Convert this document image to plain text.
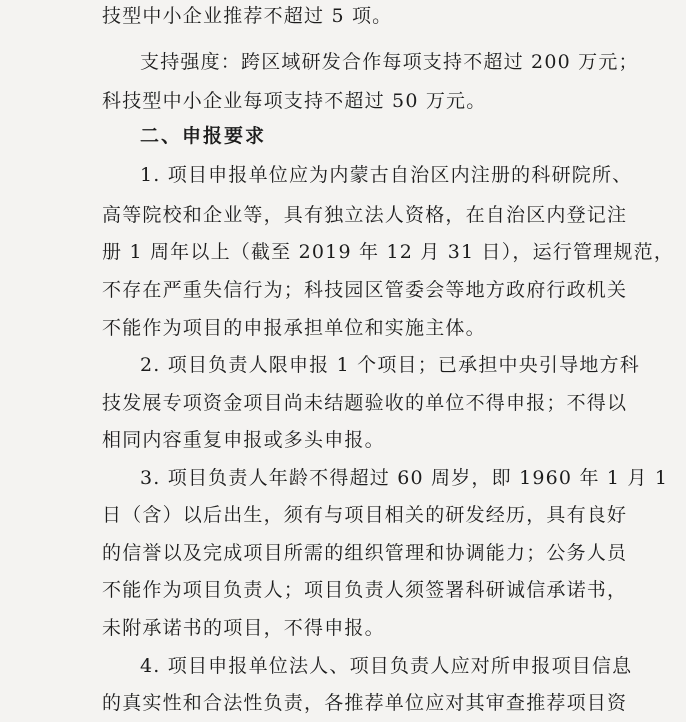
技型中小企业推荐不超过 5 项。
支持强度：跨区域研发合作每项支持不超过 200 万元；
科技型中小企业每项支持不超过 50 万元。
二、申报要求
1. 项目申报单位应为内蒙古自治区内注册的科研院所、
高等院校和企业等，具有独立法人资格，在自治区内登记注
册 1 周年以上（截至 2019 年 12 月 31 日），运行管理规范，
不存在严重失信行为；科技园区管委会等地方政府行政机关
不能作为项目的申报承担单位和实施主体。
2. 项目负责人限申报 1 个项目；已承担中央引导地方科
技发展专项资金项目尚未结题验收的单位不得申报；不得以
相同内容重复申报或多头申报。
3. 项目负责人年龄不得超过 60 周岁，即 1960 年 1 月 1
日（含）以后出生，须有与项目相关的研发经历，具有良好
的信誉以及完成项目所需的组织管理和协调能力；公务人员
不能作为项目负责人；项目负责人须签署科研诚信承诺书，
未附承诺书的项目，不得申报。
4. 项目申报单位法人、项目负责人应对所申报项目信息
的真实性和合法性负责，各推荐单位应对其审查推荐项目资
